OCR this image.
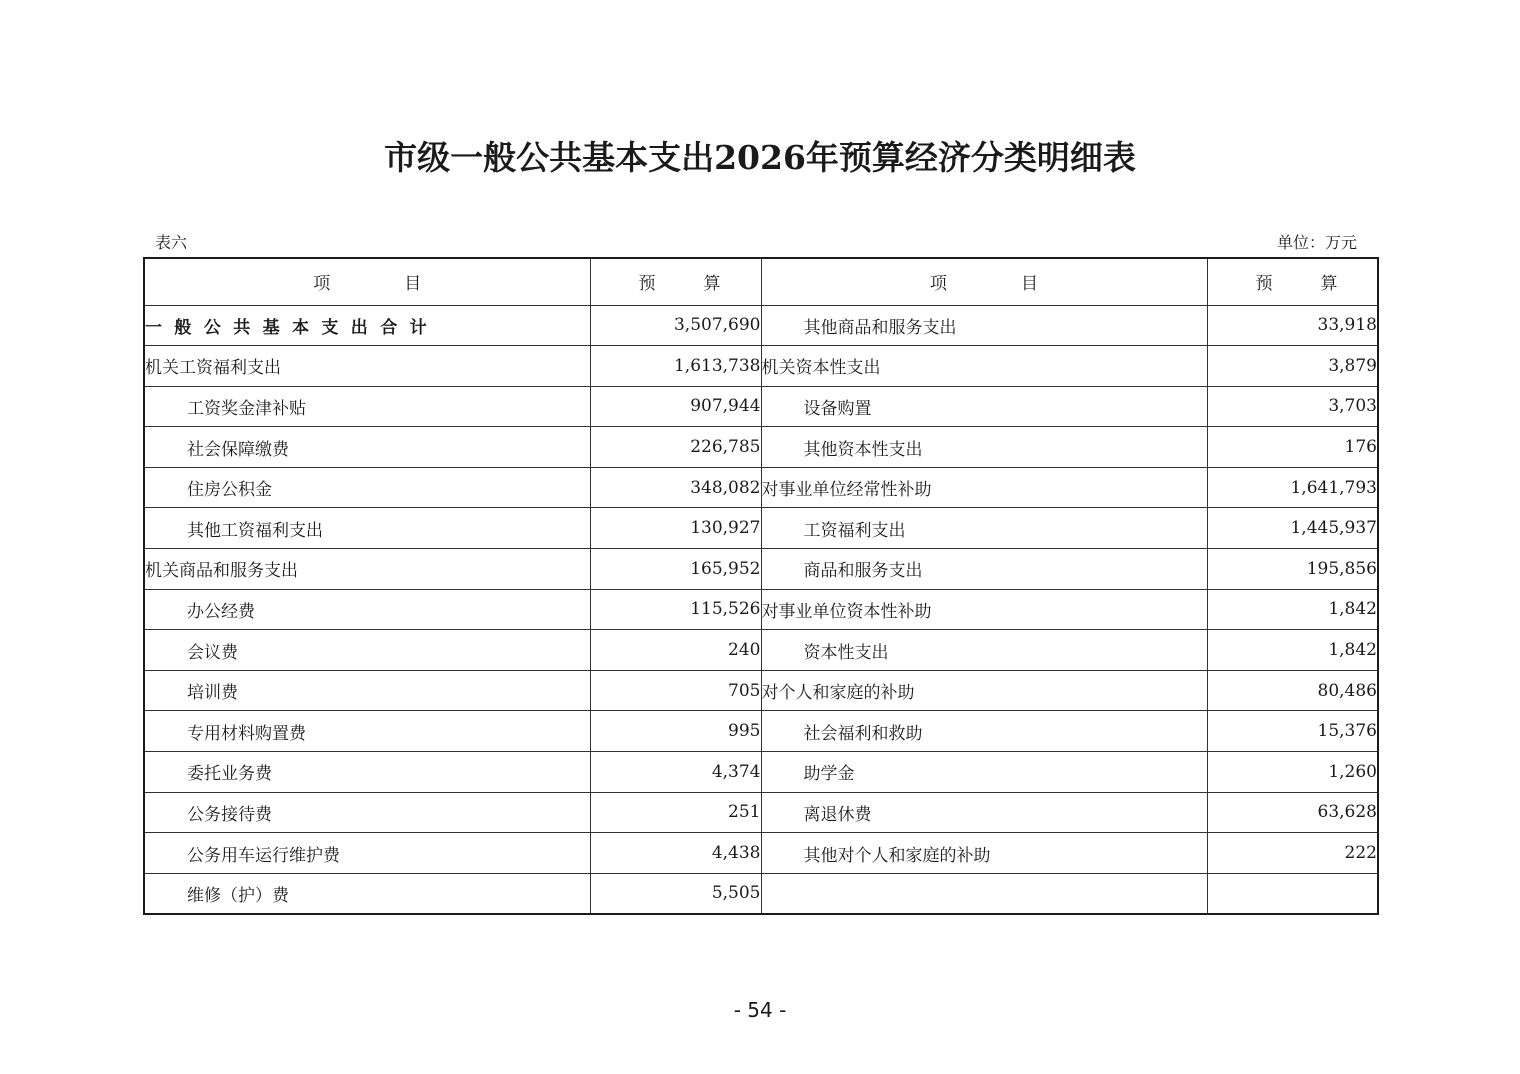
市级一般公共基本支出2026年预算经济分类明细表
表六	单位：万元
项目	预算	项目	预算
一般公共基本支出合计	3,507,690	其他商品和服务支出	33,918
机关工资福利支出	1,613,738	机关资本性支出	3,879
工资奖金津补贴	907,944	设备购置	3,703
社会保障缴费	226,785	其他资本性支出	176
住房公积金	348,082	对事业单位经常性补助	1,641,793
其他工资福利支出	130,927	工资福利支出	1,445,937
机关商品和服务支出	165,952	商品和服务支出	195,856
办公经费	115,526	对事业单位资本性补助	1,842
会议费	240	资本性支出	1,842
培训费	705	对个人和家庭的补助	80,486
专用材料购置费	995	社会福利和救助	15,376
委托业务费	4,374	助学金	1,260
公务接待费	251	离退休费	63,628
公务用车运行维护费	4,438	其他对个人和家庭的补助	222
维修（护）费	5,505		
- 54 -
